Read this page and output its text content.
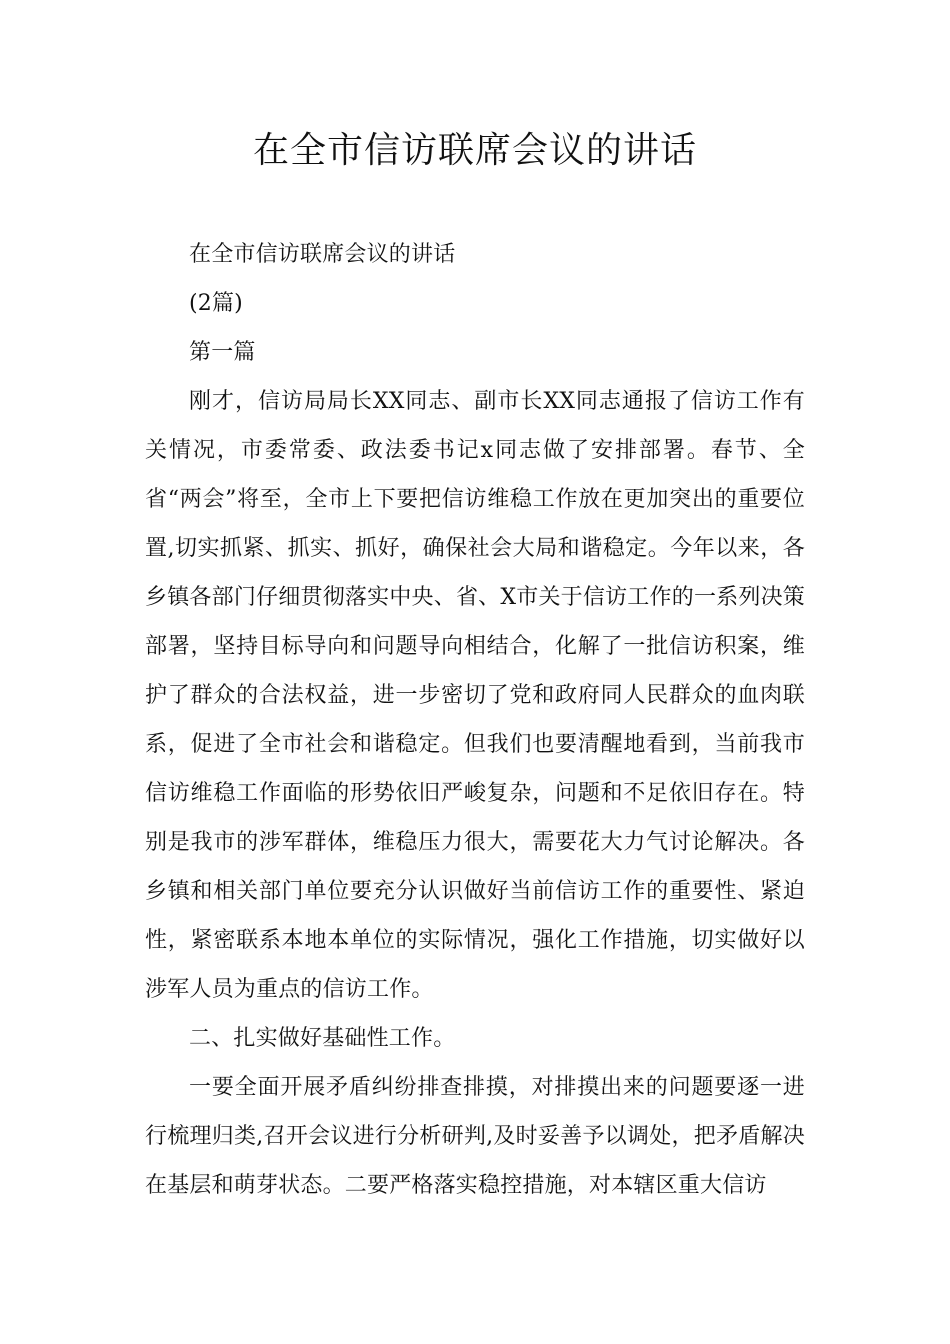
在全市信访联席会议的讲话

在全市信访联席会议的讲话

(2篇)

第一篇

刚才，信访局局长XX同志、副市长XX同志通报了信访工作有关情况，市委常委、政法委书记x同志做了安排部署。春节、全省“两会”将至，全市上下要把信访维稳工作放在更加突出的重要位置,切实抓紧、抓实、抓好，确保社会大局和谐稳定。今年以来，各乡镇各部门仔细贯彻落实中央、省、X市关于信访工作的一系列决策部署，坚持目标导向和问题导向相结合，化解了一批信访积案，维护了群众的合法权益，进一步密切了党和政府同人民群众的血肉联系，促进了全市社会和谐稳定。但我们也要清醒地看到，当前我市信访维稳工作面临的形势依旧严峻复杂，问题和不足依旧存在。特别是我市的涉军群体，维稳压力很大，需要花大力气讨论解决。各乡镇和相关部门单位要充分认识做好当前信访工作的重要性、紧迫性，紧密联系本地本单位的实际情况，强化工作措施，切实做好以涉军人员为重点的信访工作。

二、扎实做好基础性工作。

一要全面开展矛盾纠纷排查排摸，对排摸出来的问题要逐一进行梳理归类,召开会议进行分析研判,及时妥善予以调处，把矛盾解决在基层和萌芽状态。二要严格落实稳控措施，对本辖区重大信访
